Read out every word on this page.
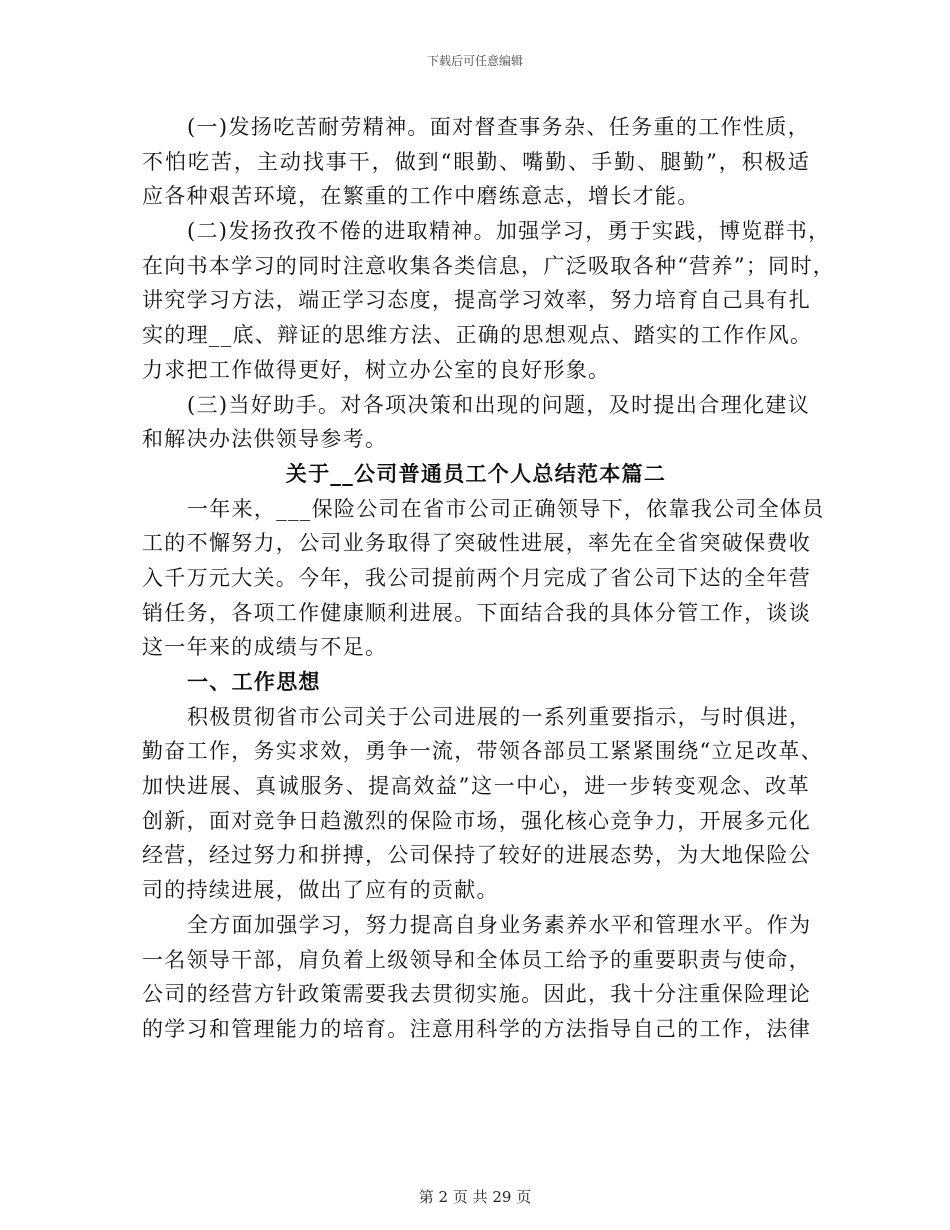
下载后可任意编辑
(一)发扬吃苦耐劳精神。面对督查事务杂、任务重的工作性质，
不怕吃苦，主动找事干，做到“眼勤、嘴勤、手勤、腿勤”，积极适
应各种艰苦环境，在繁重的工作中磨练意志，增长才能。
(二)发扬孜孜不倦的进取精神。加强学习，勇于实践，博览群书，
在向书本学习的同时注意收集各类信息，广泛吸取各种“营养”；同时，
讲究学习方法，端正学习态度，提高学习效率，努力培育自己具有扎
实的理__底、辩证的思维方法、正确的思想观点、踏实的工作作风。
力求把工作做得更好，树立办公室的良好形象。
(三)当好助手。对各项决策和出现的问题，及时提出合理化建议
和解决办法供领导参考。
关于__公司普通员工个人总结范本篇二
一年来，___保险公司在省市公司正确领导下，依靠我公司全体员
工的不懈努力，公司业务取得了突破性进展，率先在全省突破保费收
入千万元大关。今年，我公司提前两个月完成了省公司下达的全年营
销任务，各项工作健康顺利进展。下面结合我的具体分管工作，谈谈
这一年来的成绩与不足。
一、工作思想
积极贯彻省市公司关于公司进展的一系列重要指示，与时俱进，
勤奋工作，务实求效，勇争一流，带领各部员工紧紧围绕“立足改革、
加快进展、真诚服务、提高效益”这一中心，进一步转变观念、改革
创新，面对竞争日趋激烈的保险市场，强化核心竞争力，开展多元化
经营，经过努力和拼搏，公司保持了较好的进展态势，为大地保险公
司的持续进展，做出了应有的贡献。
全方面加强学习，努力提高自身业务素养水平和管理水平。作为
一名领导干部，肩负着上级领导和全体员工给予的重要职责与使命，
公司的经营方针政策需要我去贯彻实施。因此，我十分注重保险理论
的学习和管理能力的培育。注意用科学的方法指导自己的工作，法律
第 2 页 共 29 页
